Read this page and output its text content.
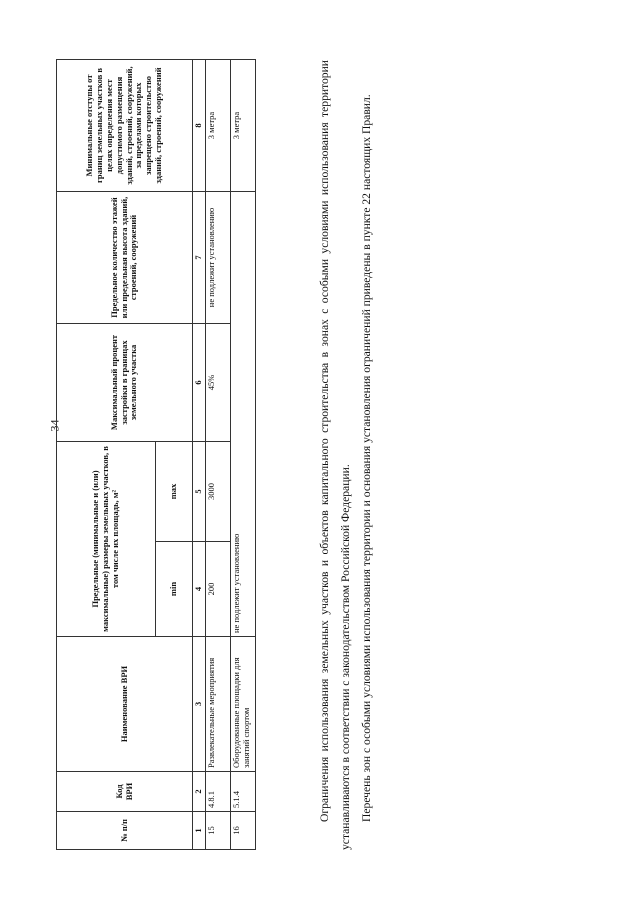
34
№ п/п	Код ВРИ	Наименование ВРИ	Предельные (минимальные и (или) максимальные) размеры земельных участков, в том числе их площадь, м²		Максимальный процент застройки в границах земельного участка	Предельное количество этажей или предельная высота зданий, строений, сооружений	Минимальные отступы от границ земельных участков в целях определения мест допустимого размещения зданий, строений, сооружений, за пределами которых запрещено строительство зданий, строений, сооружений
			min	max			
1	2	3	4	5	6	7	8
15	4.8.1	Развлекательные мероприятия	200	3000	45%	не подлежит установлению	3 метра
16	5.1.4	Оборудованные площадки для занятий спортом	не подлежит установлению				3 метра	Ограничения использования земельных участков и объектов капитального строительства в зонах с особыми условиями использования территории устанавливаются в соответствии с законодательством Российской Федерации. Перечень зон с особыми условиями использования территории и основания установления ограничений приведены в пункте 22 настоящих Правил.
